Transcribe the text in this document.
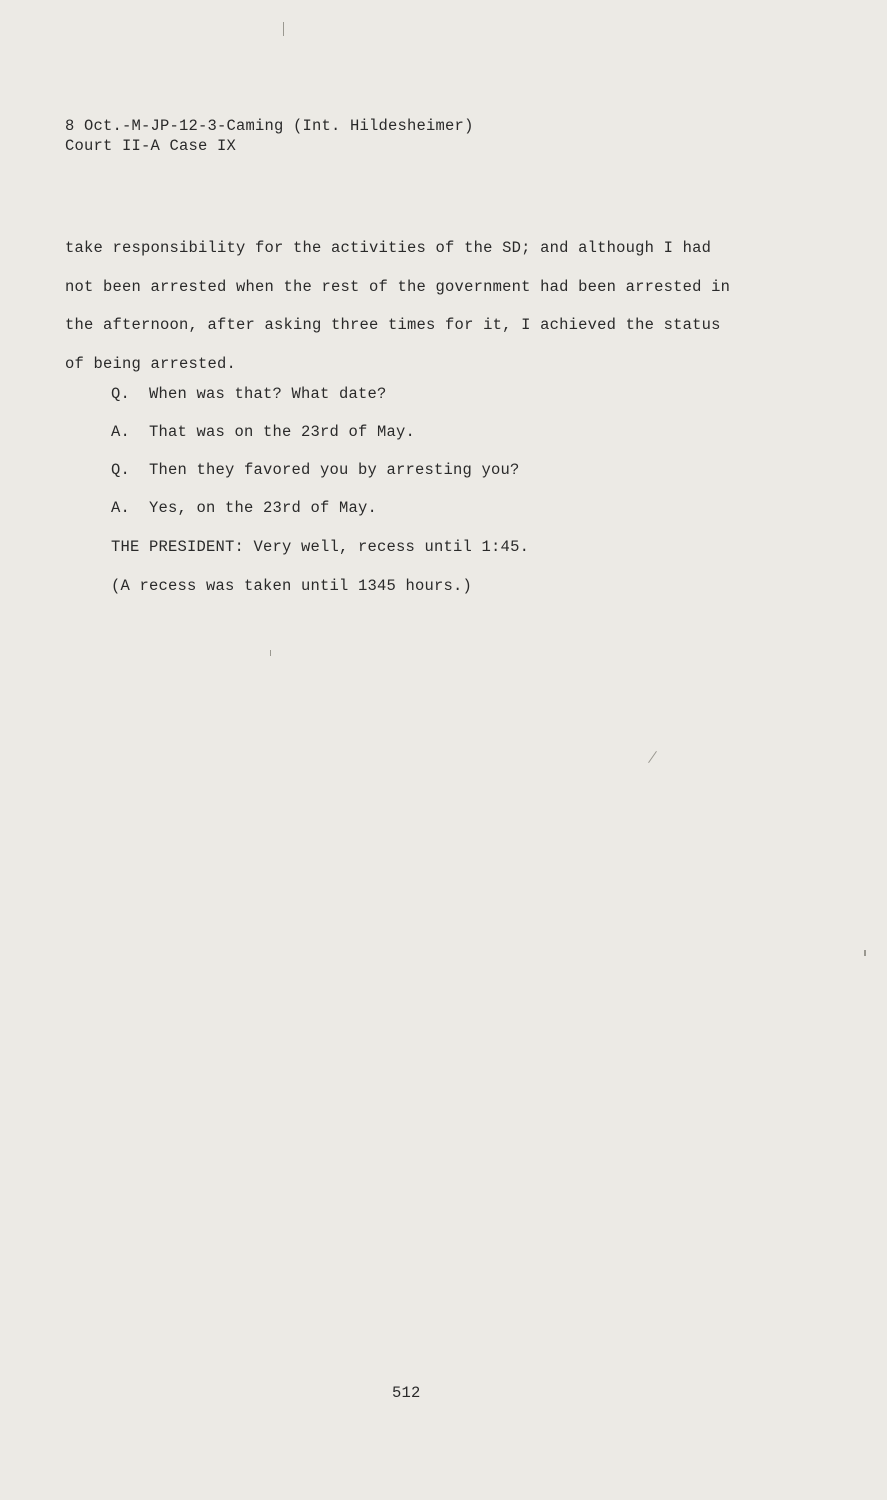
8 Oct.-M-JP-12-3-Caming (Int. Hildesheimer)
Court II-A Case IX
take responsibility for the activities of the SD; and although I had
not been arrested when the rest of the government had been arrested in
the afternoon, after asking three times for it, I achieved the status
of being arrested.
Q. When was that? What date?
A. That was on the 23rd of May.
Q. Then they favored you by arresting you?
A. Yes, on the 23rd of May.
THE PRESIDENT: Very well, recess until 1:45.
(A recess was taken until 1345 hours.)
512
